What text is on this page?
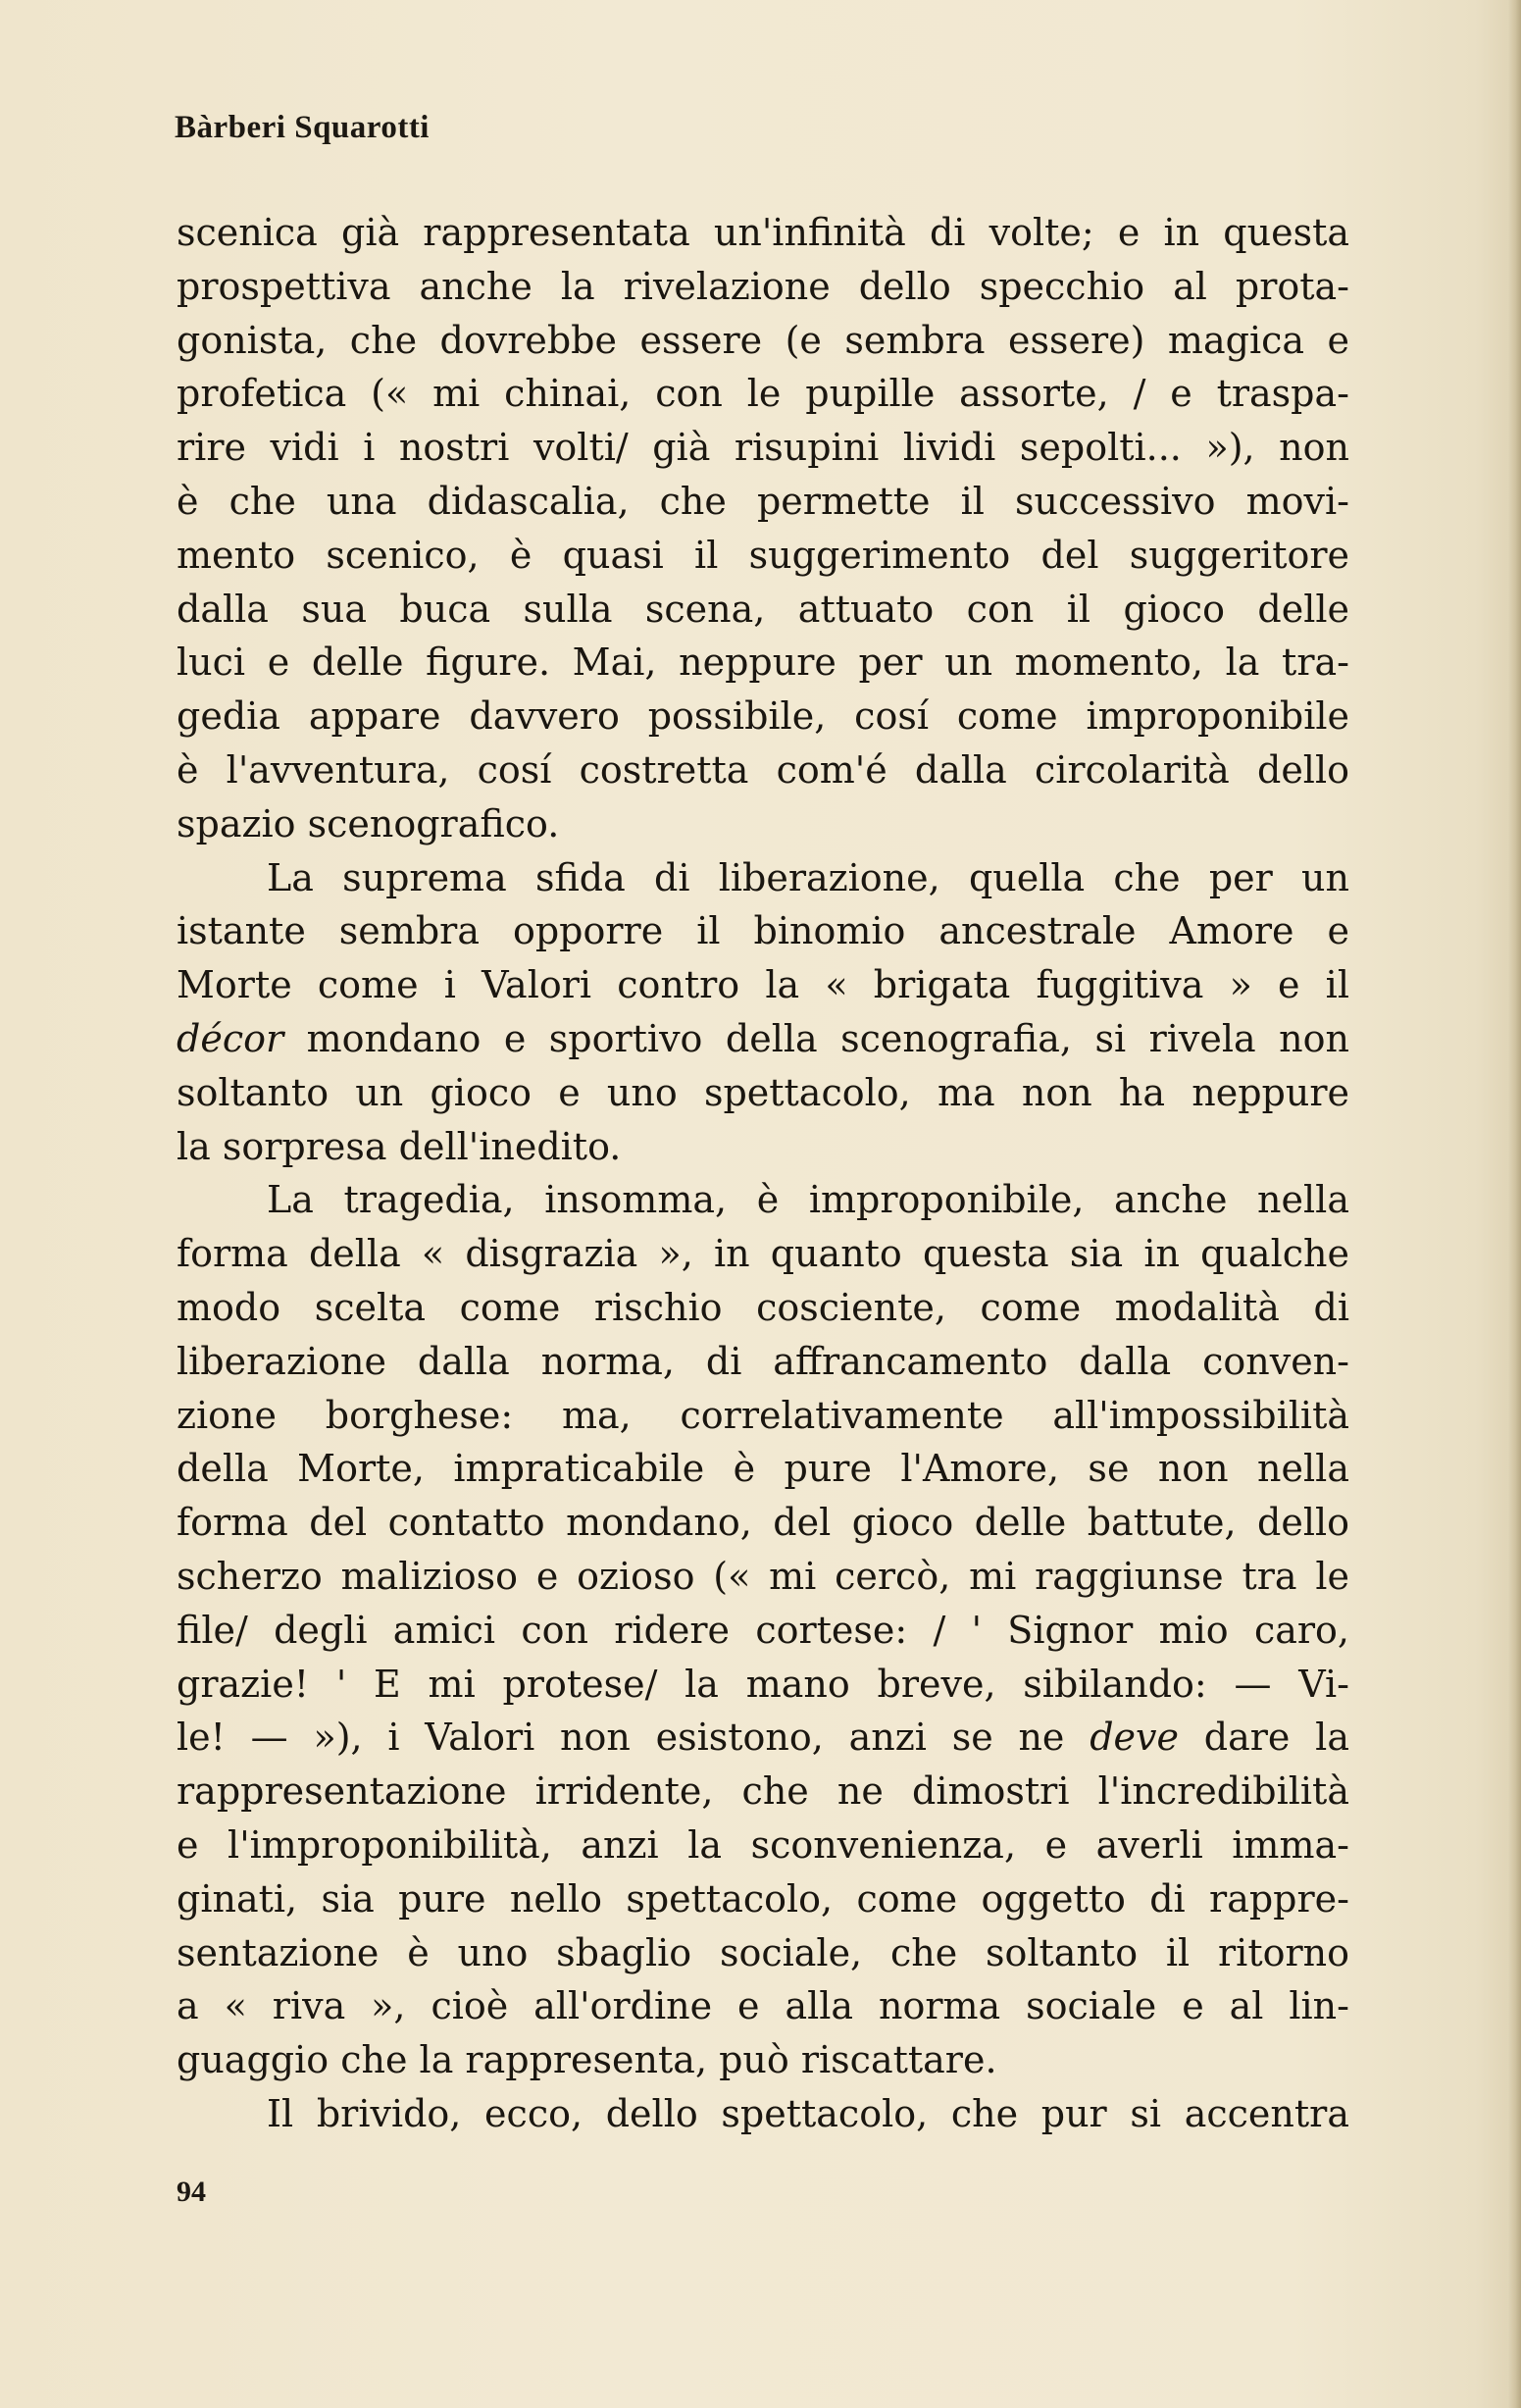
Bàrberi Squarotti
scenica già rappresentata un'infinità di volte; e in questa
prospettiva anche la rivelazione dello specchio al prota-
gonista, che dovrebbe essere (e sembra essere) magica e
profetica (« mi chinai, con le pupille assorte, / e traspa-
rire vidi i nostri volti/ già risupini lividi sepolti... »), non
è che una didascalia, che permette il successivo movi-
mento scenico, è quasi il suggerimento del suggeritore
dalla sua buca sulla scena, attuato con il gioco delle
luci e delle figure. Mai, neppure per un momento, la tra-
gedia appare davvero possibile, cosí come improponibile
è l'avventura, cosí costretta com'é dalla circolarità dello
spazio scenografico.
La suprema sfida di liberazione, quella che per un
istante sembra opporre il binomio ancestrale Amore e
Morte come i Valori contro la « brigata fuggitiva » e il
décor mondano e sportivo della scenografia, si rivela non
soltanto un gioco e uno spettacolo, ma non ha neppure
la sorpresa dell'inedito.
La tragedia, insomma, è improponibile, anche nella
forma della « disgrazia », in quanto questa sia in qualche
modo scelta come rischio cosciente, come modalità di
liberazione dalla norma, di affrancamento dalla conven-
zione borghese: ma, correlativamente all'impossibilità
della Morte, impraticabile è pure l'Amore, se non nella
forma del contatto mondano, del gioco delle battute, dello
scherzo malizioso e ozioso (« mi cercò, mi raggiunse tra le
file/ degli amici con ridere cortese: / ' Signor mio caro,
grazie! ' E mi protese/ la mano breve, sibilando: — Vi-
le! — »), i Valori non esistono, anzi se ne deve dare la
rappresentazione irridente, che ne dimostri l'incredibilità
e l'improponibilità, anzi la sconvenienza, e averli imma-
ginati, sia pure nello spettacolo, come oggetto di rappre-
sentazione è uno sbaglio sociale, che soltanto il ritorno
a « riva », cioè all'ordine e alla norma sociale e al lin-
guaggio che la rappresenta, può riscattare.
Il brivido, ecco, dello spettacolo, che pur si accentra
94
